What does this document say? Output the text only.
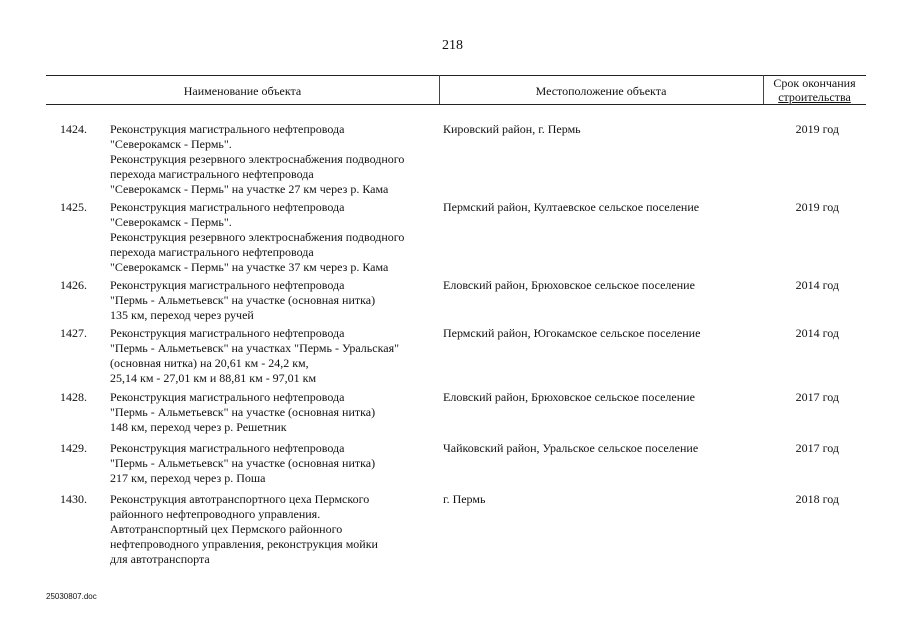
218
Наименование объекта	Местоположение объекта
Срок окончания
строительства
1424.	Реконструкция магистрального нефтепровода
"Северокамск - Пермь".
Реконструкция резервного электроснабжения подводного
перехода магистрального нефтепровода
"Северокамск - Пермь" на участке 27 км через р. Кама
Кировский район, г. Пермь	2019 год
1425.	Реконструкция магистрального нефтепровода
"Северокамск - Пермь".
Реконструкция резервного электроснабжения подводного
перехода магистрального нефтепровода
"Северокамск - Пермь" на участке 37 км через р. Кама
Пермский район, Култаевское сельское поселение	2019 год
1426.	Реконструкция магистрального нефтепровода
"Пермь - Альметьевск" на участке (основная нитка)
135 км, переход через ручей
Еловский район, Брюховское сельское поселение	2014 год
1427.	Реконструкция магистрального нефтепровода
"Пермь - Альметьевск" на участках "Пермь - Уральская"
(основная нитка) на 20,61 км - 24,2 км,
25,14 км - 27,01 км и 88,81 км - 97,01 км
Пермский район, Югокамское сельское поселение	2014 год
1428.	Реконструкция магистрального нефтепровода
"Пермь - Альметьевск" на участке (основная нитка)
148 км, переход через р. Решетник
Еловский район, Брюховское сельское поселение	2017 год
1429.	Реконструкция магистрального нефтепровода
"Пермь - Альметьевск" на участке (основная нитка)
217 км, переход через р. Поша
Чайковский район, Уральское сельское поселение	2017 год
1430.	Реконструкция автотранспортного цеха Пермского
районного нефтепроводного управления.
Автотранспортный цех Пермского районного
нефтепроводного управления, реконструкция мойки
для автотранспорта
г. Пермь	2018 год
25030807.doc
